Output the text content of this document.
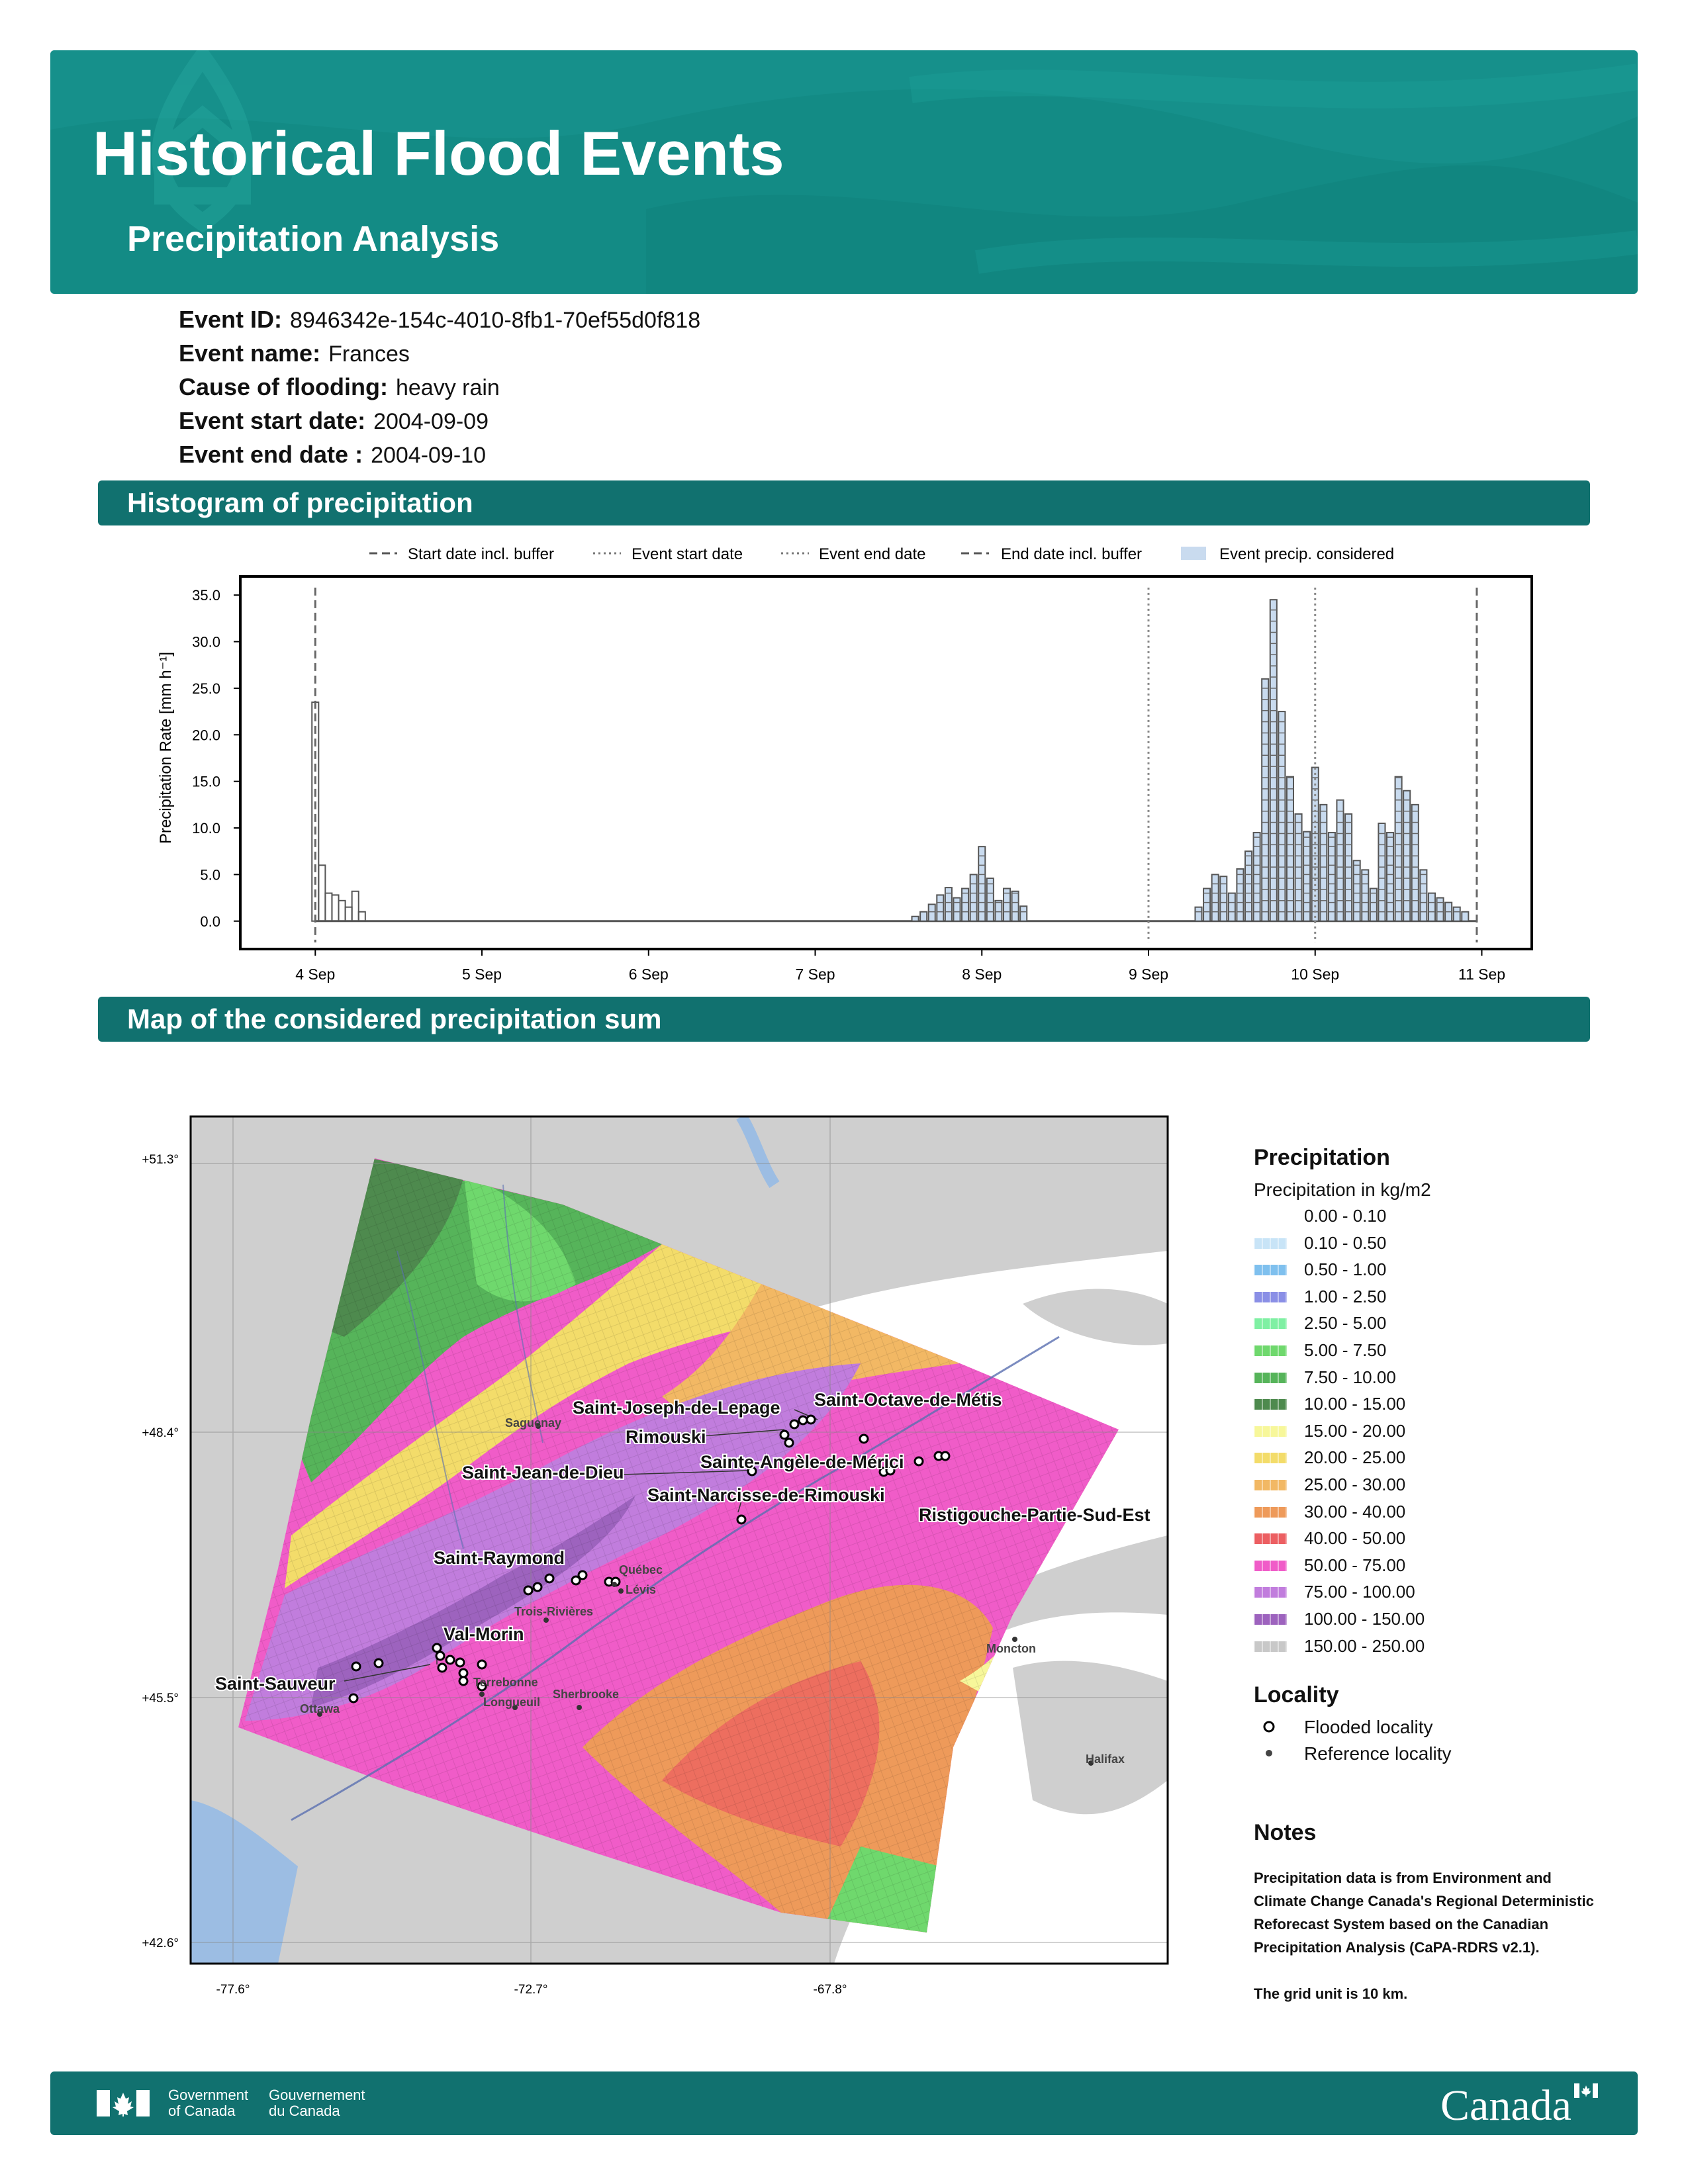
Historical Flood Events
Precipitation Analysis
Event ID: 8946342e-154c-4010-8fb1-70ef55d0f818
Event name: Frances
Cause of flooding: heavy rain
Event start date: 2004-09-09
Event end date : 2004-09-10
Histogram of precipitation
Start date incl. buffer	Event start date	Event end date	End date incl. buffer	Event precip. considered
Precipitation Rate [mm h⁻¹]
0.0
5.0
10.0
15.0
20.0
25.0
30.0
35.0
4 Sep	5 Sep	6 Sep	7 Sep	8 Sep	9 Sep	10 Sep	11 Sep
Map of the considered precipitation sum
+51.3°
+48.4°
+45.5°
+42.6°
-77.6°	-72.7°	-67.8°
Saint-Joseph-de-Lepage Saint-Octave-de-Métis
Rimouski
Sainte-Angèle-de-Mérici
Saint-Jean-de-Dieu
Saint-Narcisse-de-Rimouski
Ristigouche-Partie-Sud-Est
Saint-Raymond
Val-Morin
Saint-Sauveur
Saguenay
Québec
Lévis
Trois-Rivières
Terrebonne
Longueuil
Sherbrooke
Ottawa
Moncton
Halifax
Precipitation
Precipitation in kg/m2
0.00 - 0.10
0.10 - 0.50
0.50 - 1.00
1.00 - 2.50
2.50 - 5.00
5.00 - 7.50
7.50 - 10.00
10.00 - 15.00
15.00 - 20.00
20.00 - 25.00
25.00 - 30.00
30.00 - 40.00
40.00 - 50.00
50.00 - 75.00
75.00 - 100.00
100.00 - 150.00
150.00 - 250.00
Locality
Flooded locality
Reference locality
Notes
Precipitation data is from Environment and Climate Change Canada's Regional Deterministic Reforecast System based on the Canadian Precipitation Analysis (CaPA-RDRS v2.1).
The grid unit is 10 km.
Government
of Canada
Gouvernement
du Canada	Canada
